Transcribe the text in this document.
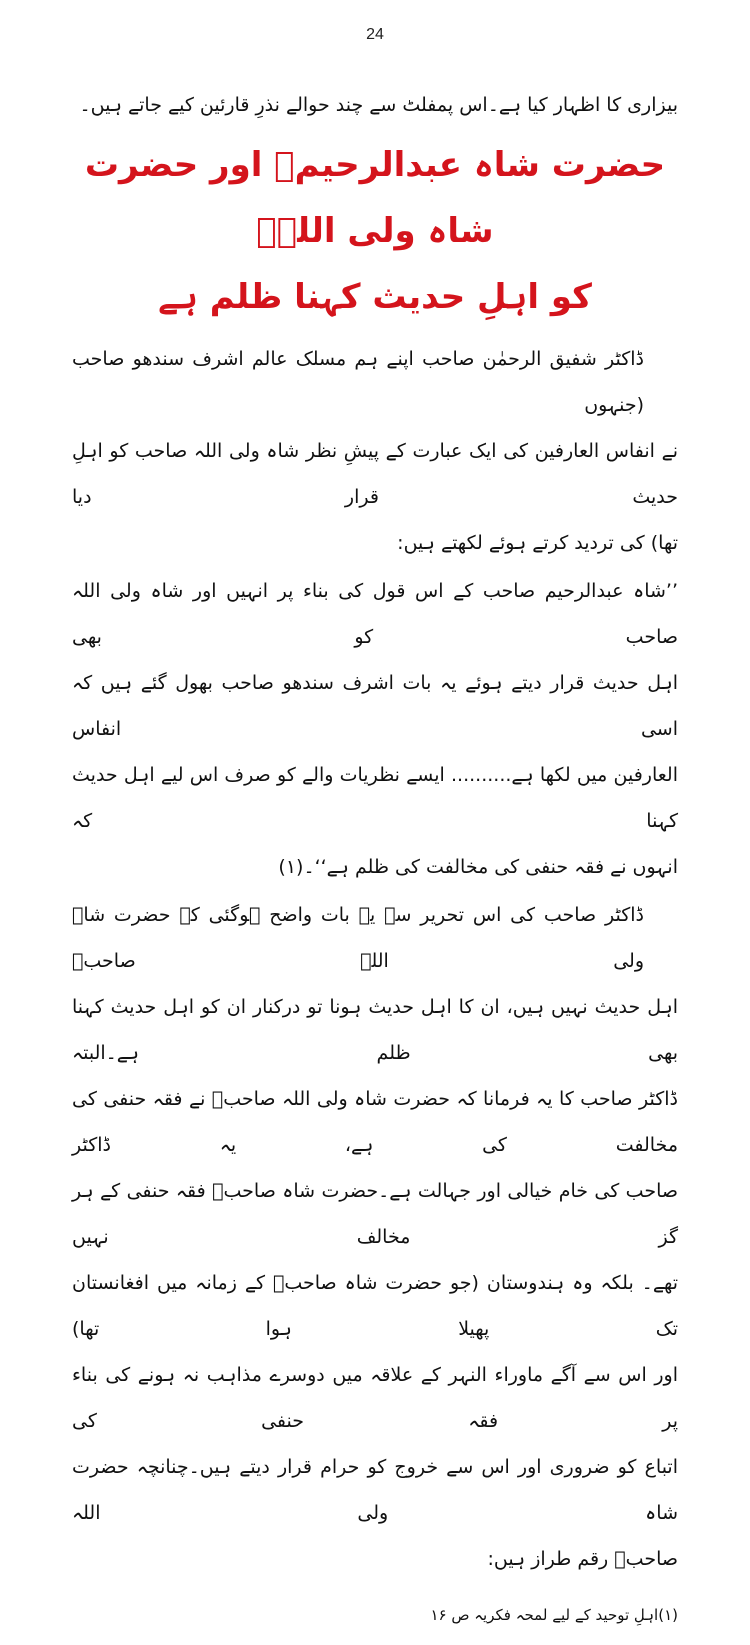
24

بیزاری کا اظہار کیا ہے۔اس پمفلٹ سے چند حوالے نذرِ قارئین کیے جاتے ہیں۔

حضرت شاہ عبدالرحیمؒ اور حضرت شاہ ولی اللہؒ
کو اہلِ حدیث کہنا ظلم ہے

ڈاکٹر شفیق الرحمٰن صاحب اپنے ہم مسلک عالم اشرف سندھو صاحب (جنہوں

نے انفاس العارفین کی ایک عبارت کے پیشِ نظر شاہ ولی اللہ صاحب کو اہلِ حدیث قرار دیا

تھا) کی تردید کرتے ہوئے لکھتے ہیں:

’’شاہ عبدالرحیم صاحب کے اس قول کی بناء پر انہیں اور شاہ ولی اللہ صاحب کو بھی

اہل حدیث قرار دیتے ہوئے یہ بات اشرف سندھو صاحب بھول گئے ہیں کہ اسی انفاس

العارفین میں لکھا ہے.......... ایسے نظریات والے کو صرف اس لیے اہل حدیث کہنا کہ

انہوں نے فقہ حنفی کی مخالفت کی ظلم ہے‘‘۔(۱)

ڈاکٹر صاحب کی اس تحریر سے یہ بات واضح ہوگئی کہ حضرت شاہ ولی اللہ صاحبؒ

اہل حدیث نہیں ہیں، ان کا اہل حدیث ہونا تو درکنار ان کو اہل حدیث کہنا بھی ظلم ہے۔البتہ

ڈاکٹر صاحب کا یہ فرمانا کہ حضرت شاہ ولی اللہ صاحبؒ نے فقہ حنفی کی مخالفت کی ہے، یہ ڈاکٹر

صاحب کی خام خیالی اور جہالت ہے۔حضرت شاہ صاحبؒ فقہ حنفی کے ہر گز مخالف نہیں

تھے۔ بلکہ وہ ہندوستان (جو حضرت شاہ صاحبؒ کے زمانہ میں افغانستان تک پھیلا ہوا تھا)

اور اس سے آگے ماوراء النہر کے علاقہ میں دوسرے مذاہب نہ ہونے کی بناء پر فقہ حنفی کی

اتباع کو ضروری اور اس سے خروج کو حرام قرار دیتے ہیں۔چنانچہ حضرت شاہ ولی اللہ

صاحبؒ رقم طراز ہیں:

(۱)اہلِ توحید کے لیے لمحہ فکریہ ص ۱۶
